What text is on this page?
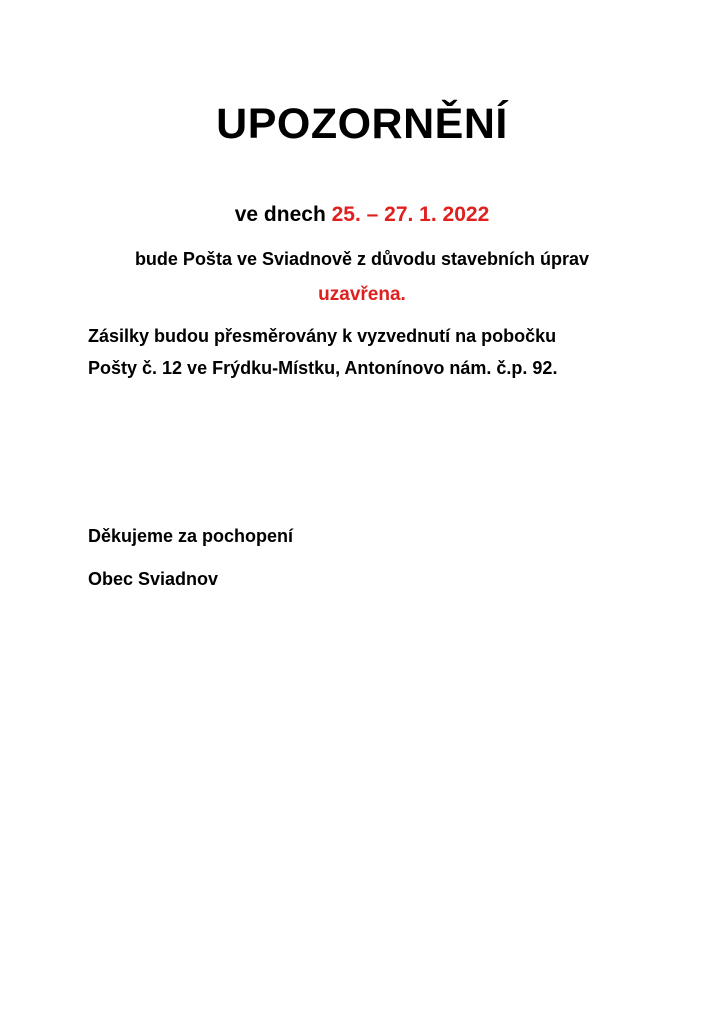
UPOZORNĚNÍ
ve dnech 25. – 27. 1. 2022
bude Pošta ve Sviadnově z důvodu stavebních úprav
uzavřena.
Zásilky budou přesměrovány k vyzvednutí na pobočku
Pošty č. 12 ve Frýdku-Místku, Antonínovo nám. č.p. 92.
Děkujeme za pochopení
Obec Sviadnov
